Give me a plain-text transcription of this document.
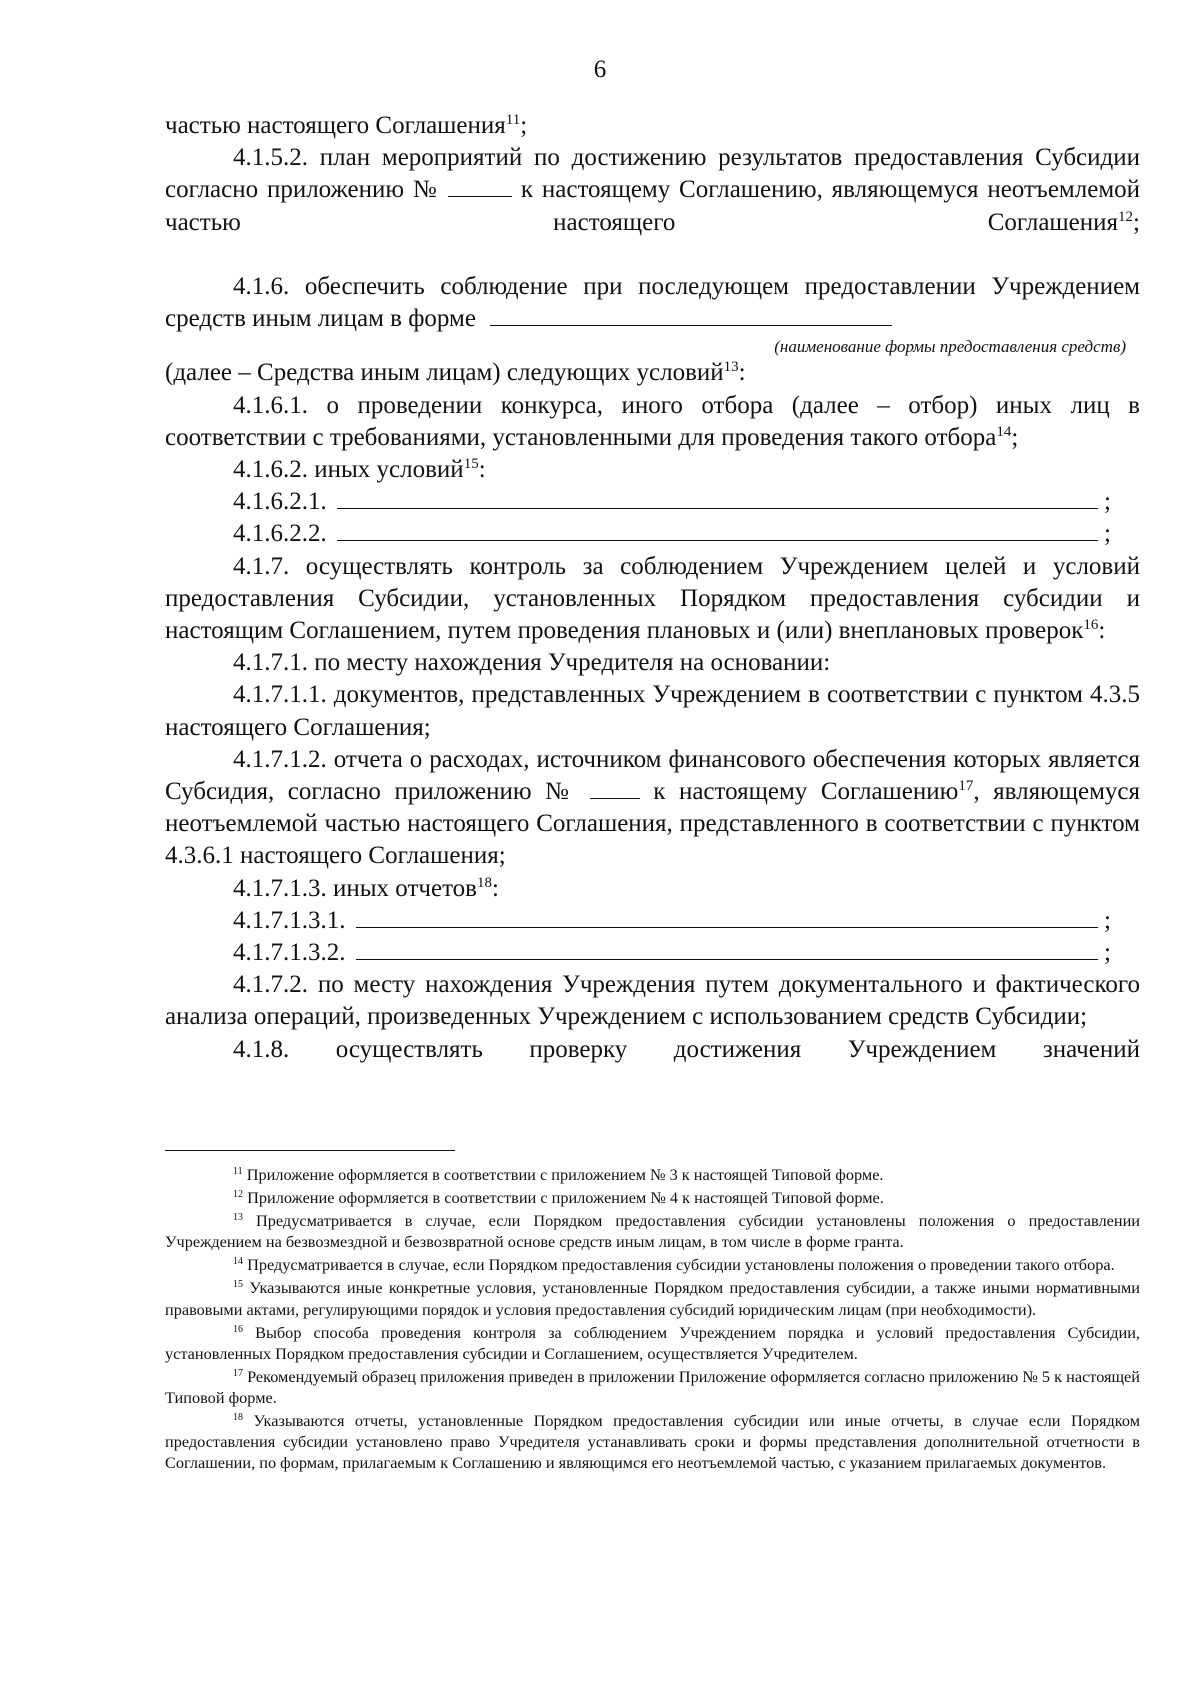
6

частью настоящего Соглашения$^{11}$;

4.1.5.2. план мероприятий по достижению результатов предоставления Субсидии согласно приложению №	к настоящему Соглашению, являющемуся неотъемлемой частью настоящего Соглашения$^{12}$;

4.1.6. обеспечить соблюдение при последующем предоставлении Учреждением средств иным лицам в форме

(наименование формы предоставления средств)

(далее – Средства иным лицам) следующих условий$^{13}$:

4.1.6.1. о проведении конкурса, иного отбора (далее – отбор) иных лиц в соответствии с требованиями, установленными для проведения такого отбора$^{14}$;

4.1.6.2. иных условий$^{15}$:

4.1.6.2.1.	;
4.1.6.2.2.	;

4.1.7. осуществлять контроль за соблюдением Учреждением целей и условий предоставления Субсидии, установленных Порядком предоставления субсидии и настоящим Соглашением, путем проведения плановых и (или) внеплановых проверок$^{16}$:

4.1.7.1. по месту нахождения Учредителя на основании:

4.1.7.1.1. документов, представленных Учреждением в соответствии с пунктом 4.3.5 настоящего Соглашения;

4.1.7.1.2. отчета о расходах, источником финансового обеспечения которых является Субсидия, согласно приложению №	к настоящему Соглашению$^{17}$, являющемуся неотъемлемой частью настоящего Соглашения, представленного в соответствии с пунктом 4.3.6.1 настоящего Соглашения;

4.1.7.1.3. иных отчетов$^{18}$:

4.1.7.1.3.1.	;
4.1.7.1.3.2.	;

4.1.7.2. по месту нахождения Учреждения путем документального и фактического анализа операций, произведенных Учреждением с использованием средств Субсидии;

4.1.8. осуществлять проверку достижения Учреждением значений

$^{11}$ Приложение оформляется в соответствии с приложением № 3 к настоящей Типовой форме.

$^{12}$ Приложение оформляется в соответствии с приложением № 4 к настоящей Типовой форме.

$^{13}$ Предусматривается в случае, если Порядком предоставления субсидии установлены положения о предоставлении Учреждением на безвозмездной и безвозвратной основе средств иным лицам, в том числе в форме гранта.

$^{14}$ Предусматривается в случае, если Порядком предоставления субсидии установлены положения о проведении такого отбора.

$^{15}$ Указываются иные конкретные условия, установленные Порядком предоставления субсидии, а также иными нормативными правовыми актами, регулирующими порядок и условия предоставления субсидий юридическим лицам (при необходимости).

$^{16}$ Выбор способа проведения контроля за соблюдением Учреждением порядка и условий предоставления Субсидии, установленных Порядком предоставления субсидии и Соглашением, осуществляется Учредителем.

$^{17}$ Рекомендуемый образец приложения приведен в приложении Приложение оформляется согласно приложению № 5 к настоящей Типовой форме.

$^{18}$ Указываются отчеты, установленные Порядком предоставления субсидии или иные отчеты, в случае если Порядком предоставления субсидии установлено право Учредителя устанавливать сроки и формы представления дополнительной отчетности в Соглашении, по формам, прилагаемым к Соглашению и являющимся его неотъемлемой частью, с указанием прилагаемых документов.
